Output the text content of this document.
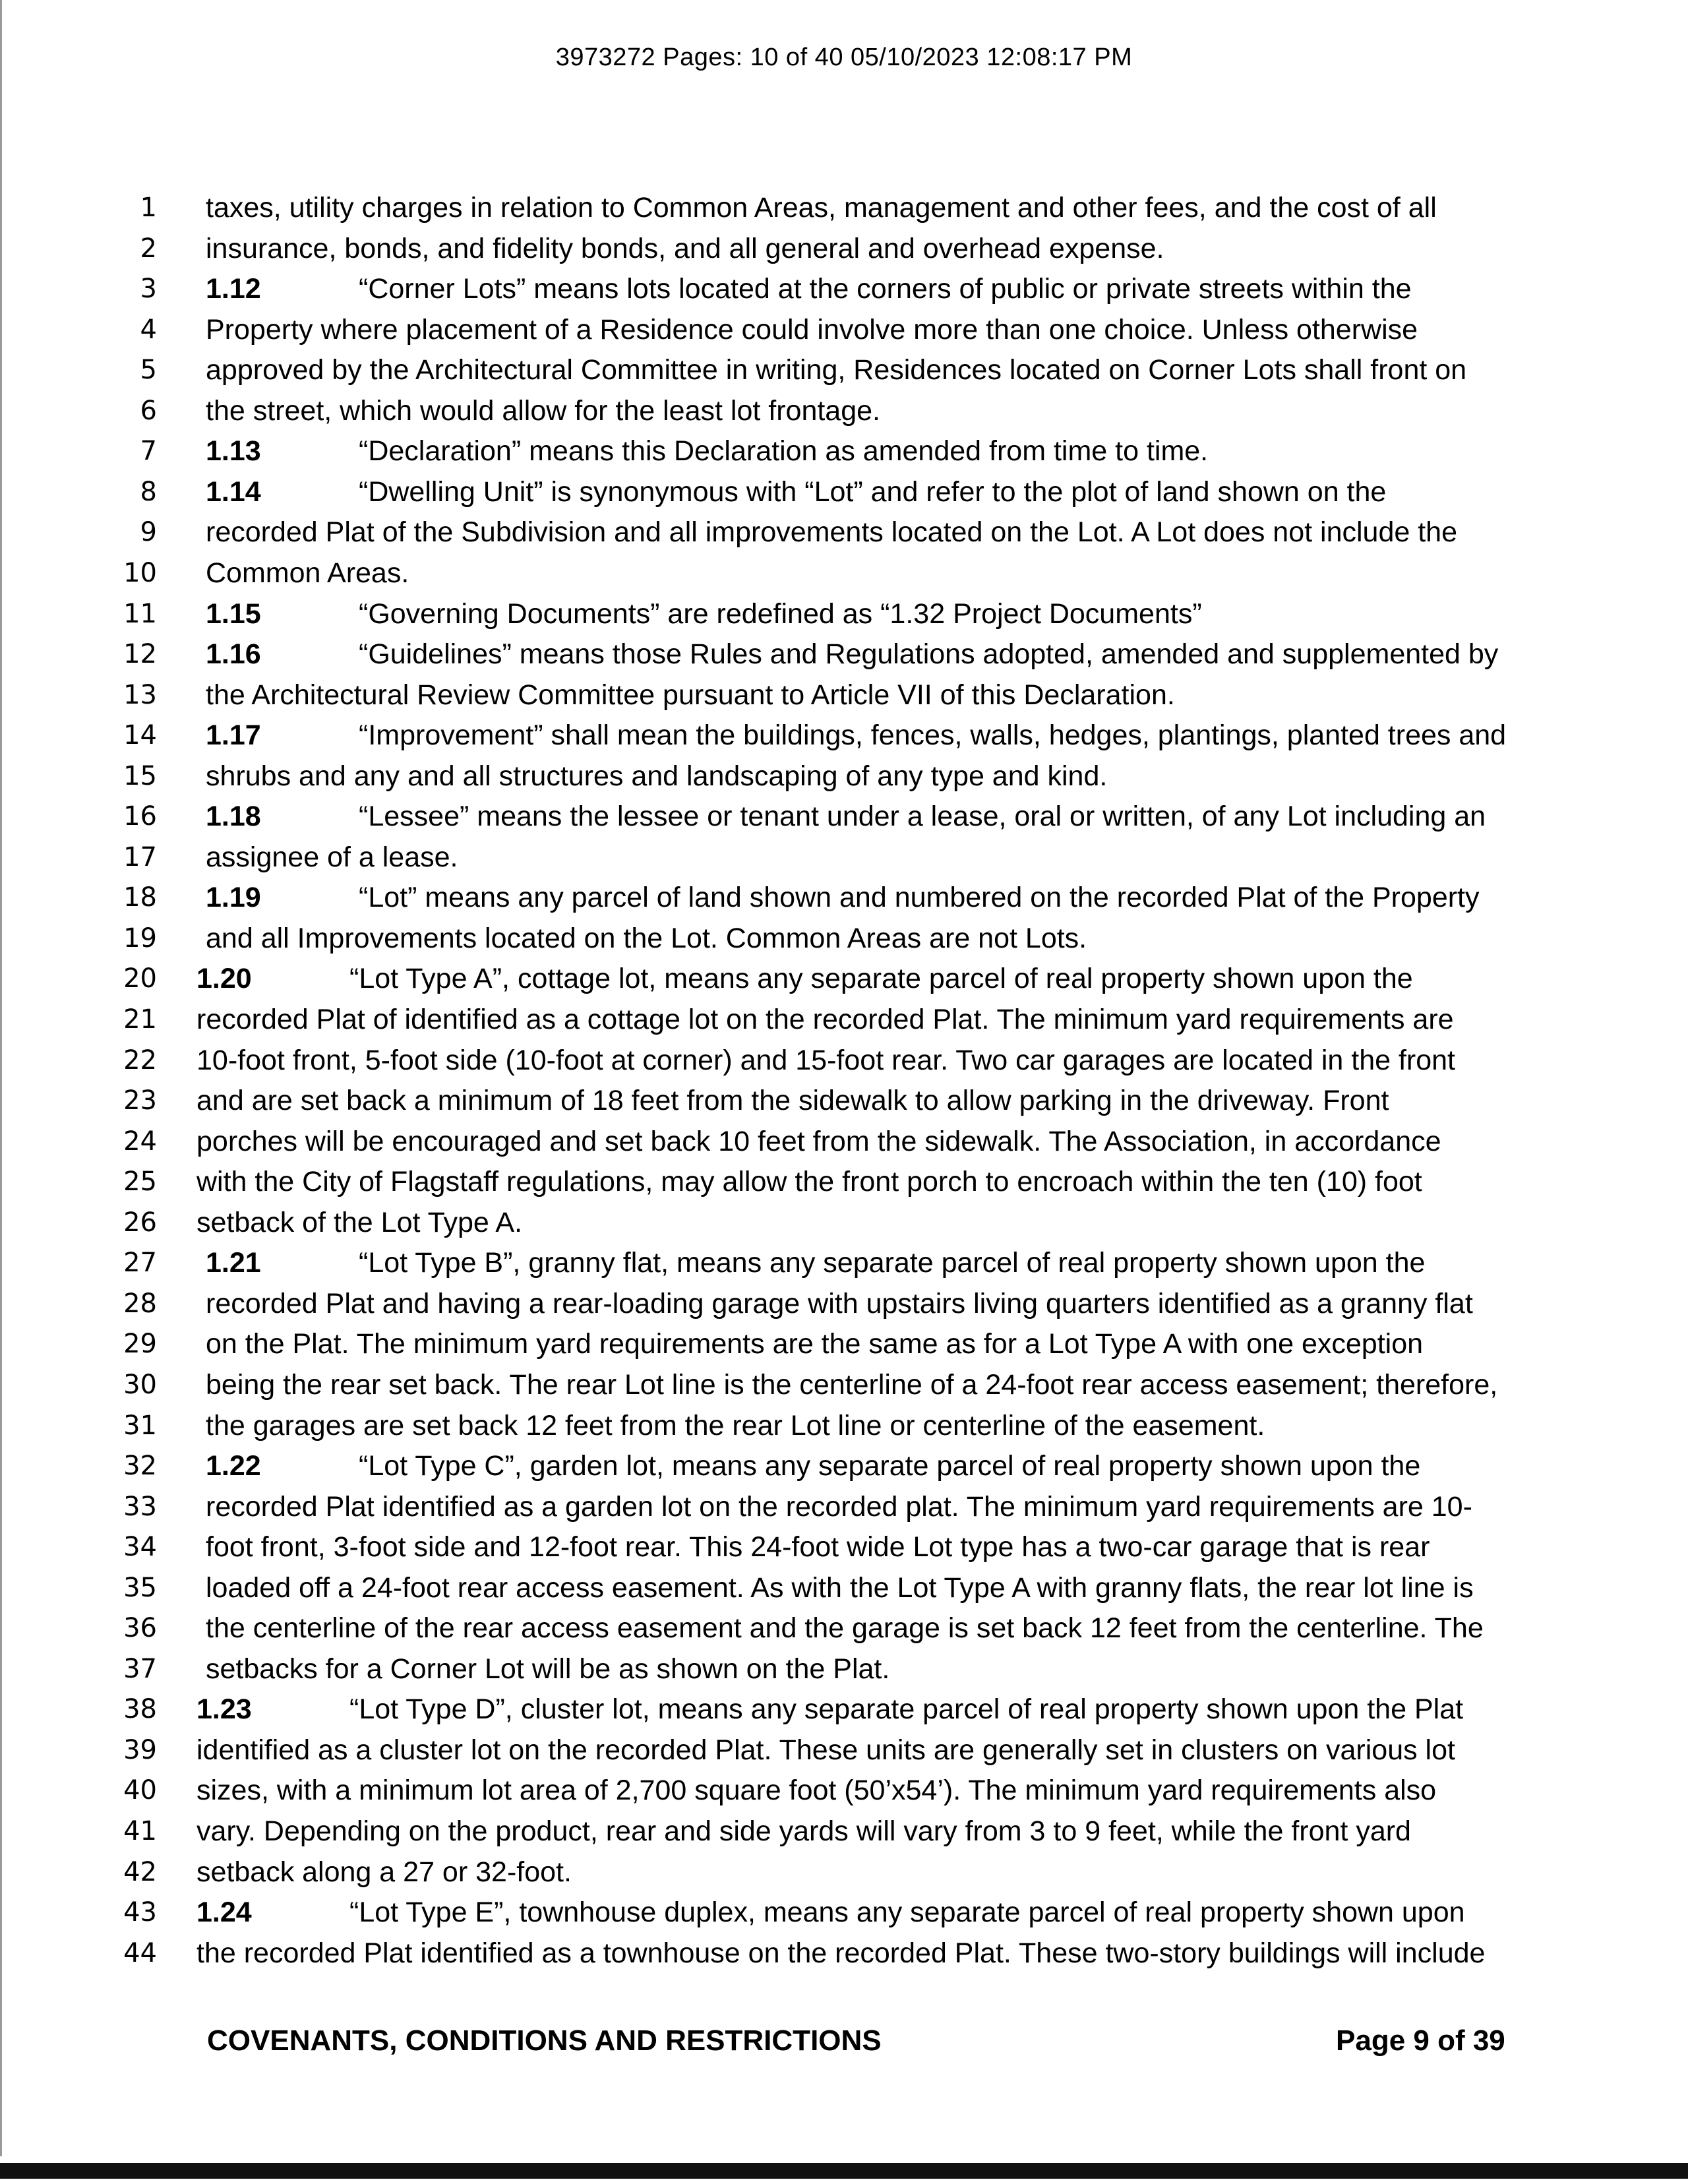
3973272 Pages: 10 of 40 05/10/2023 12:08:17 PM
1 taxes, utility charges in relation to Common Areas, management and other fees, and the cost of all
2 insurance, bonds, and fidelity bonds, and all general and overhead expense.
3 1.12	“Corner Lots” means lots located at the corners of public or private streets within the
4 Property where placement of a Residence could involve more than one choice. Unless otherwise
5 approved by the Architectural Committee in writing, Residences located on Corner Lots shall front on
6 the street, which would allow for the least lot frontage.
7 1.13	“Declaration” means this Declaration as amended from time to time.
8 1.14	“Dwelling Unit” is synonymous with “Lot” and refer to the plot of land shown on the
9 recorded Plat of the Subdivision and all improvements located on the Lot. A Lot does not include the
10 Common Areas.
11 1.15	“Governing Documents” are redefined as “1.32 Project Documents”
12 1.16	“Guidelines” means those Rules and Regulations adopted, amended and supplemented by
13 the Architectural Review Committee pursuant to Article VII of this Declaration.
14 1.17	“Improvement” shall mean the buildings, fences, walls, hedges, plantings, planted trees and
15 shrubs and any and all structures and landscaping of any type and kind.
16 1.18	“Lessee” means the lessee or tenant under a lease, oral or written, of any Lot including an
17 assignee of a lease.
18 1.19	“Lot” means any parcel of land shown and numbered on the recorded Plat of the Property
19 and all Improvements located on the Lot. Common Areas are not Lots.
20 1.20	“Lot Type A”, cottage lot, means any separate parcel of real property shown upon the
21 recorded Plat of identified as a cottage lot on the recorded Plat. The minimum yard requirements are
22 10-foot front, 5-foot side (10-foot at corner) and 15-foot rear. Two car garages are located in the front
23 and are set back a minimum of 18 feet from the sidewalk to allow parking in the driveway. Front
24 porches will be encouraged and set back 10 feet from the sidewalk. The Association, in accordance
25 with the City of Flagstaff regulations, may allow the front porch to encroach within the ten (10) foot
26 setback of the Lot Type A.
27 1.21	“Lot Type B”, granny flat, means any separate parcel of real property shown upon the
28 recorded Plat and having a rear-loading garage with upstairs living quarters identified as a granny flat
29 on the Plat. The minimum yard requirements are the same as for a Lot Type A with one exception
30 being the rear set back. The rear Lot line is the centerline of a 24-foot rear access easement; therefore,
31 the garages are set back 12 feet from the rear Lot line or centerline of the easement.
32 1.22	“Lot Type C”, garden lot, means any separate parcel of real property shown upon the
33 recorded Plat identified as a garden lot on the recorded plat. The minimum yard requirements are 10-
34 foot front, 3-foot side and 12-foot rear. This 24-foot wide Lot type has a two-car garage that is rear
35 loaded off a 24-foot rear access easement. As with the Lot Type A with granny flats, the rear lot line is
36 the centerline of the rear access easement and the garage is set back 12 feet from the centerline. The
37 setbacks for a Corner Lot will be as shown on the Plat.
38 1.23	“Lot Type D”, cluster lot, means any separate parcel of real property shown upon the Plat
39 identified as a cluster lot on the recorded Plat. These units are generally set in clusters on various lot
40 sizes, with a minimum lot area of 2,700 square foot (50’x54’). The minimum yard requirements also
41 vary. Depending on the product, rear and side yards will vary from 3 to 9 feet, while the front yard
42 setback along a 27 or 32-foot.
43 1.24	“Lot Type E”, townhouse duplex, means any separate parcel of real property shown upon
44 the recorded Plat identified as a townhouse on the recorded Plat. These two-story buildings will include
COVENANTS, CONDITIONS AND RESTRICTIONS	Page 9 of 39
